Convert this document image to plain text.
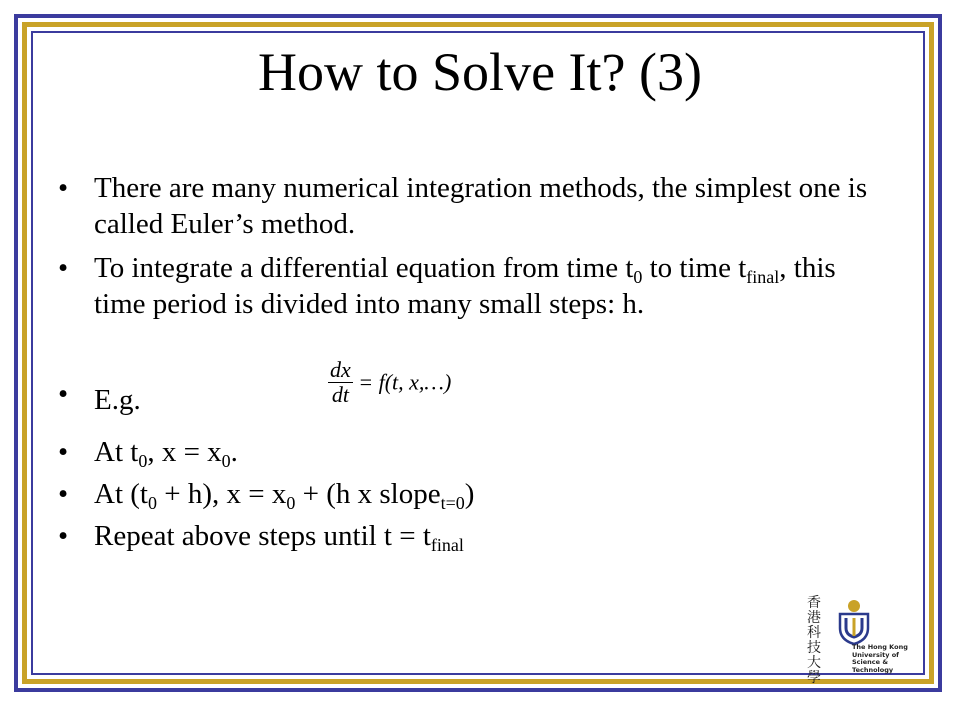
How to Solve It? (3)
• There are many numerical integration methods, the simplest one is called Euler’s method.
• To integrate a differential equation from time $t_0$ to time $t_{final}$, this time period is divided into many small steps: h.
• E.g.	$\frac{dx}{dt} = f(t$, x,…)
• At $t_0$, $x = x_0$.
• At $(t_0 + h)$, $x = x_0 + (h$ x slope$_{t=0}$)
• Repeat above steps until $t = t_{final}$
香
港
科
技
大
學
The Hong Kong
University of
Science & Technology
